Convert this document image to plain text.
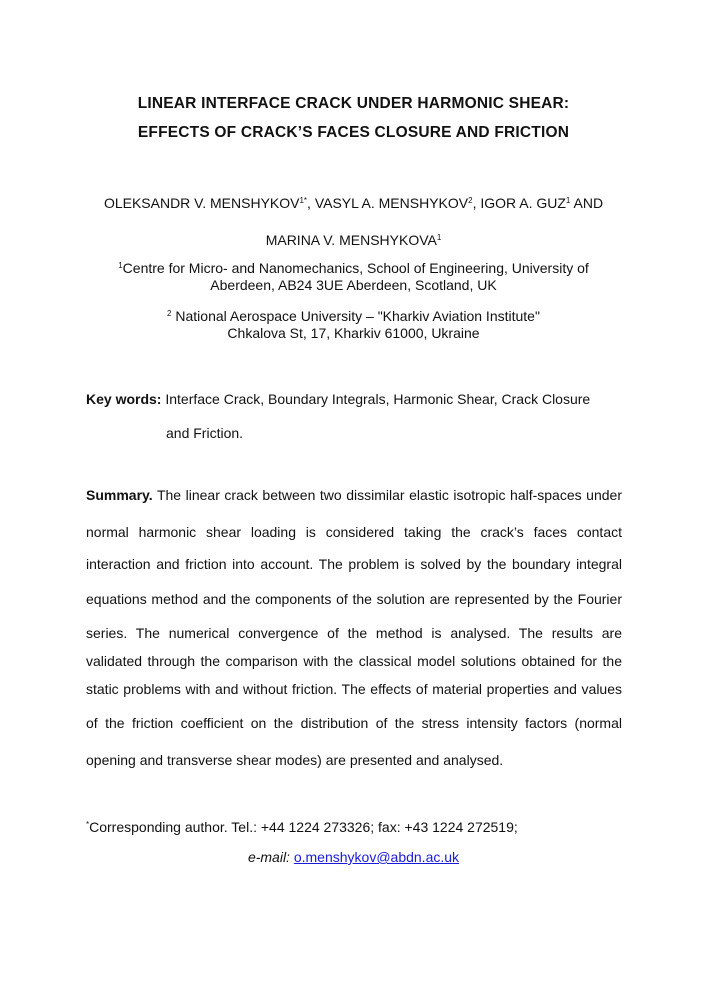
LINEAR INTERFACE CRACK UNDER HARMONIC SHEAR:
EFFECTS OF CRACK’S FACES CLOSURE AND FRICTION
OLEKSANDR V. $MENSHYKOV^{1*}$, VASYL A. MENSHYKOV$^2$, IGOR A. GUZ$^1$ AND
MARINA V. MENSHYKOVA$^1$
$^1$Centre for Micro- and Nanomechanics, School of Engineering, University of
Aberdeen, AB24 3UE Aberdeen, Scotland, UK
$^2$ National Aerospace University – "Kharkiv Aviation Institute"
Chkalova St, 17, Kharkiv 61000, Ukraine
Key words: Interface Crack, Boundary Integrals, Harmonic Shear, Crack Closure
and Friction.
Summary. The linear crack between two dissimilar elastic isotropic half-spaces under
normal harmonic shear loading is considered taking the crack’s faces contact
interaction and friction into account. The problem is solved by the boundary integral
equations method and the components of the solution are represented by the Fourier
series. The numerical convergence of the method is analysed. The results are
validated through the comparison with the classical model solutions obtained for the
static problems with and without friction. The effects of material properties and values
of the friction coefficient on the distribution of the stress intensity factors (normal
opening and transverse shear modes) are presented and analysed.
*Corresponding author. Tel.: +44 1224 273326; fax: +43 1224 272519;
e-mail: o.menshykov@abdn.ac.uk
